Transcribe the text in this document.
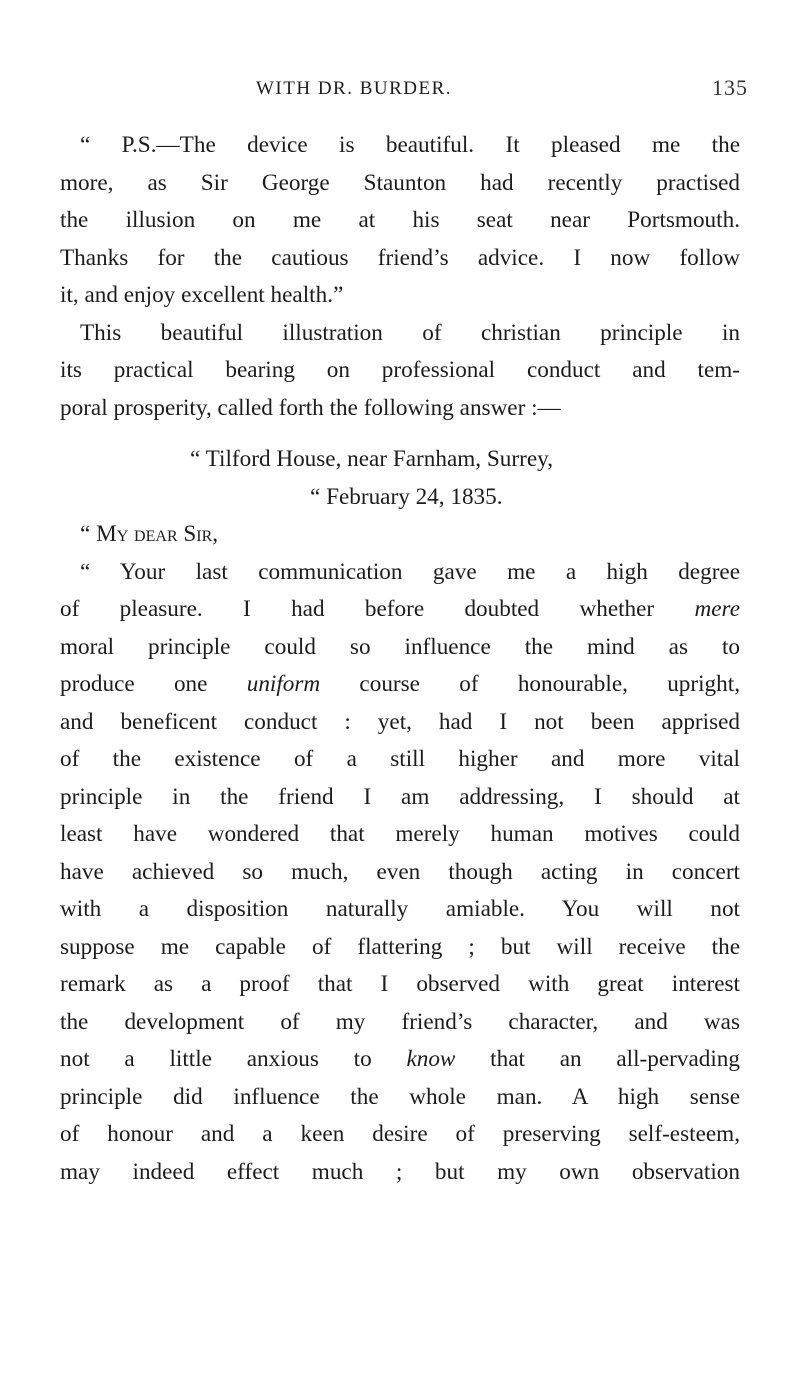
WITH DR. BURDER.	135
“ P.S.—The device is beautiful. It pleased me the
more, as Sir George Staunton had recently practised
the illusion on me at his seat near Portsmouth.
Thanks for the cautious friend’s advice. I now follow
it, and enjoy excellent health.”
This beautiful illustration of christian principle in
its practical bearing on professional conduct and tem-
poral prosperity, called forth the following answer :—
“ Tilford House, near Farnham, Surrey,
“ February 24, 1835.
“ My dear Sir,
“ Your last communication gave me a high degree
of pleasure. I had before doubted whether mere
moral principle could so influence the mind as to
produce one uniform course of honourable, upright,
and beneficent conduct : yet, had I not been apprised
of the existence of a still higher and more vital
principle in the friend I am addressing, I should at
least have wondered that merely human motives could
have achieved so much, even though acting in concert
with a disposition naturally amiable. You will not
suppose me capable of flattering ; but will receive the
remark as a proof that I observed with great interest
the development of my friend’s character, and was
not a little anxious to know that an all-pervading
principle did influence the whole man. A high sense
of honour and a keen desire of preserving self-esteem,
may indeed effect much ; but my own observation
